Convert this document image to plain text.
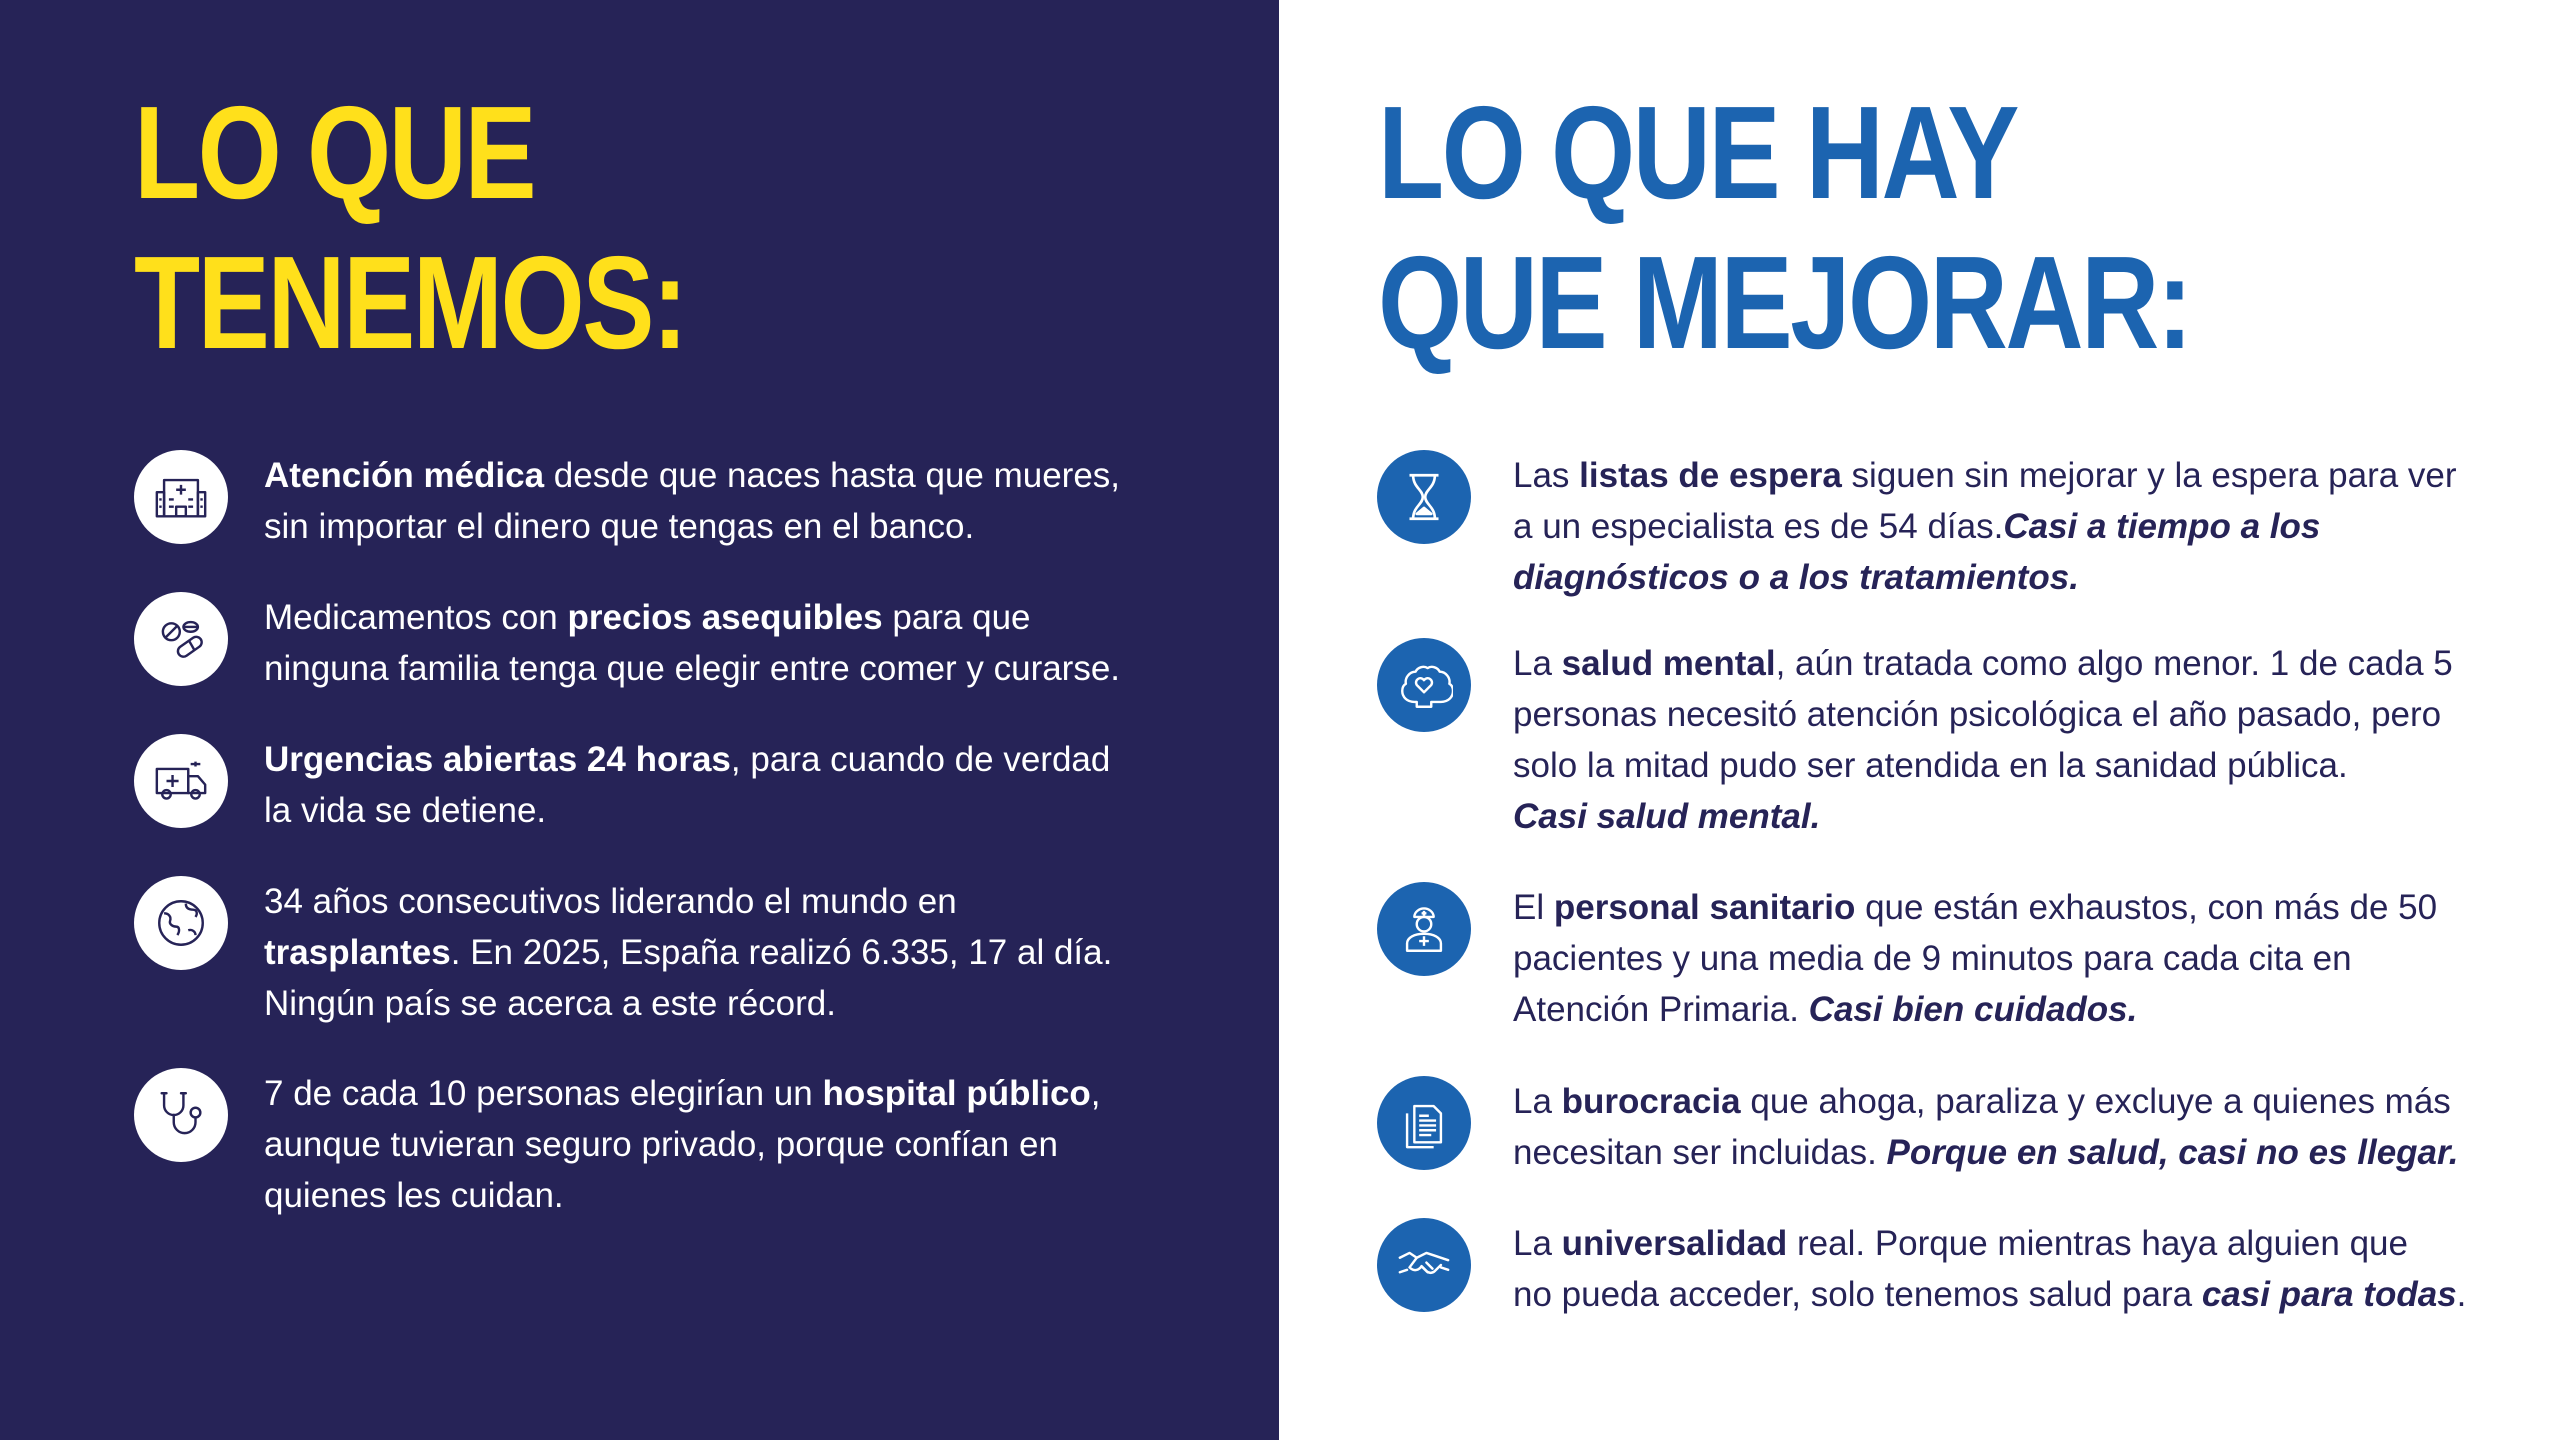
LO QUE
TENEMOS:
Atención médica desde que naces hasta que mueres,
sin importar el dinero que tengas en el banco.
Medicamentos con precios asequibles para que
ninguna familia tenga que elegir entre comer y curarse.
Urgencias abiertas 24 horas, para cuando de verdad
la vida se detiene.
34 años consecutivos liderando el mundo en
trasplantes. En 2025, España realizó 6.335, 17 al día.
Ningún país se acerca a este récord.
7 de cada 10 personas elegirían un hospital público,
aunque tuvieran seguro privado, porque confían en
quienes les cuidan.
LO QUE HAY
QUE MEJORAR:
Las listas de espera siguen sin mejorar y la espera para ver
a un especialista es de 54 días.Casi a tiempo a los
diagnósticos o a los tratamientos.
La salud mental, aún tratada como algo menor. 1 de cada 5
personas necesitó atención psicológica el año pasado, pero
solo la mitad pudo ser atendida en la sanidad pública.
Casi salud mental.
El personal sanitario que están exhaustos, con más de 50
pacientes y una media de 9 minutos para cada cita en
Atención Primaria. Casi bien cuidados.
La burocracia que ahoga, paraliza y excluye a quienes más
necesitan ser incluidas. Porque en salud, casi no es llegar.
La universalidad real. Porque mientras haya alguien que
no pueda acceder, solo tenemos salud para casi para todas.
